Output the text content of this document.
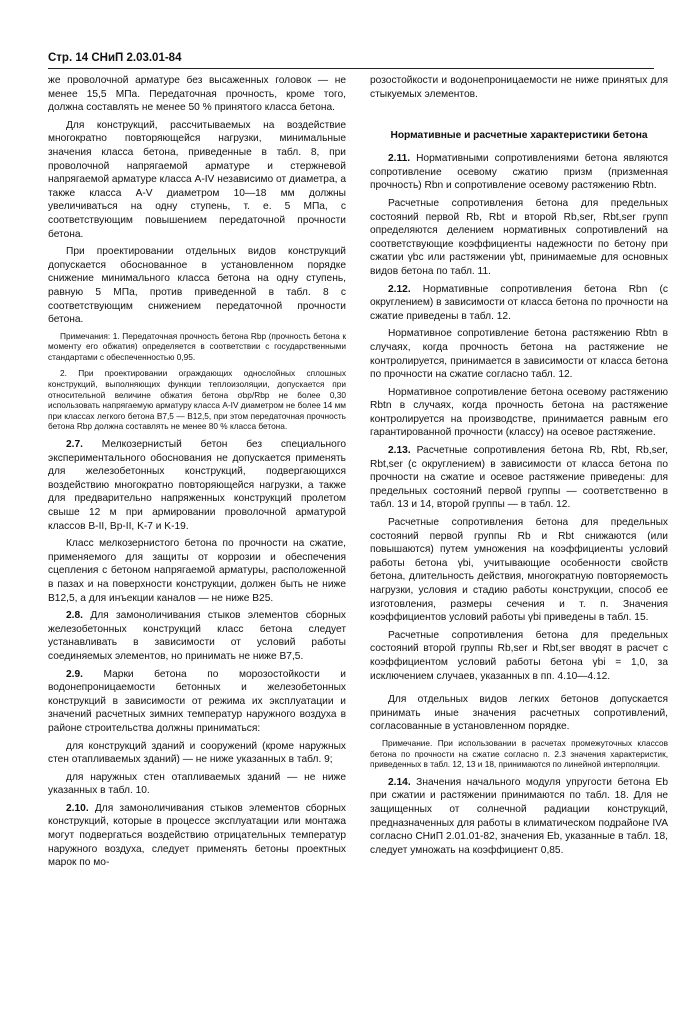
Стр. 14 СНиП 2.03.01-84

же проволочной арматуре без высаженных головок — не менее 15,5 МПа. Передаточная прочность, кроме того, должна составлять не менее 50 % принятого класса бетона.

Для конструкций, рассчитываемых на воздействие многократно повторяющейся нагрузки, минимальные значения класса бетона, приведенные в табл. 8, при проволочной напрягаемой арматуре и стержневой напрягаемой арматуре класса A-IV независимо от диаметра, а также класса A-V диаметром 10—18 мм должны увеличиваться на одну ступень, т. е. 5 МПа, с соответствующим повышением передаточной прочности бетона.

При проектировании отдельных видов конструкций допускается обоснованное в установленном порядке снижение минимального класса бетона на одну ступень, равную 5 МПа, против приведенной в табл. 8 с соответствующим снижением передаточной прочности бетона.

Примечания: 1. Передаточная прочность бетона Rbp (прочность бетона к моменту его обжатия) определяется в соответствии с государственными стандартами с обеспеченностью 0,95.

2. При проектировании ограждающих однослойных сплошных конструкций, выполняющих функции теплоизоляции, допускается при относительной величине обжатия бетона σbp/Rbp не более 0,30 использовать напрягаемую арматуру класса A-IV диаметром не более 14 мм при классах легкого бетона B7,5 — B12,5, при этом передаточная прочность бетона Rbp должна составлять не менее 80 % класса бетона.

2.7. Мелкозернистый бетон без специального экспериментального обоснования не допускается применять для железобетонных конструкций, подвергающихся воздействию многократно повторяющейся нагрузки, а также для предварительно напряженных конструкций пролетом свыше 12 м при армировании проволочной арматурой классов B-II, Bp-II, K-7 и K-19.

Класс мелкозернистого бетона по прочности на сжатие, применяемого для защиты от коррозии и обеспечения сцепления с бетоном напрягаемой арматуры, расположенной в пазах и на поверхности конструкции, должен быть не ниже B12,5, а для инъекции каналов — не ниже B25.

2.8. Для замоноличивания стыков элементов сборных железобетонных конструкций класс бетона следует устанавливать в зависимости от условий работы соединяемых элементов, но принимать не ниже B7,5.

2.9. Марки бетона по морозостойкости и водонепроницаемости бетонных и железобетонных конструкций в зависимости от режима их эксплуатации и значений расчетных зимних температур наружного воздуха в районе строительства должны приниматься:

для конструкций зданий и сооружений (кроме наружных стен отапливаемых зданий) — не ниже указанных в табл. 9;

для наружных стен отапливаемых зданий — не ниже указанных в табл. 10.

2.10. Для замоноличивания стыков элементов сборных конструкций, которые в процессе эксплуатации или монтажа могут подвергаться воздействию отрицательных температур наружного воздуха, следует применять бетоны проектных марок по мо-

розостойкости и водонепроницаемости не ниже принятых для стыкуемых элементов.

Нормативные и расчетные характеристики бетона

2.11. Нормативными сопротивлениями бетона являются сопротивление осевому сжатию призм (призменная прочность) Rbn и сопротивление осевому растяжению Rbtn.

Расчетные сопротивления бетона для предельных состояний первой Rb, Rbt и второй Rb,ser, Rbt,ser групп определяются делением нормативных сопротивлений на соответствующие коэффициенты надежности по бетону при сжатии γbc или растяжении γbt, принимаемые для основных видов бетона по табл. 11.

2.12. Нормативные сопротивления бетона Rbn (с округлением) в зависимости от класса бетона по прочности на сжатие приведены в табл. 12.

Нормативное сопротивление бетона растяжению Rbtn в случаях, когда прочность бетона на растяжение не контролируется, принимается в зависимости от класса бетона по прочности на сжатие согласно табл. 12.

Нормативное сопротивление бетона осевому растяжению Rbtn в случаях, когда прочность бетона на растяжение контролируется на производстве, принимается равным его гарантированной прочности (классу) на осевое растяжение.

2.13. Расчетные сопротивления бетона Rb, Rbt, Rb,ser, Rbt,ser (с округлением) в зависимости от класса бетона по прочности на сжатие и осевое растяжение приведены: для предельных состояний первой группы — соответственно в табл. 13 и 14, второй группы — в табл. 12.

Расчетные сопротивления бетона для предельных состояний первой группы Rb и Rbt снижаются (или повышаются) путем умножения на коэффициенты условий работы бетона γbi, учитывающие особенности свойств бетона, длительность действия, многократную повторяемость нагрузки, условия и стадию работы конструкции, способ ее изготовления, размеры сечения и т. п. Значения коэффициентов условий работы γbi приведены в табл. 15.

Расчетные сопротивления бетона для предельных состояний второй группы Rb,ser и Rbt,ser вводят в расчет с коэффициентом условий работы бетона γbi = 1,0, за исключением случаев, указанных в пп. 4.10—4.12.

Для отдельных видов легких бетонов допускается принимать иные значения расчетных сопротивлений, согласованные в установленном порядке.

Примечание. При использовании в расчетах промежуточных классов бетона по прочности на сжатие согласно п. 2.3 значения характеристик, приведенных в табл. 12, 13 и 18, принимаются по линейной интерполяции.

2.14. Значения начального модуля упругости бетона Eb при сжатии и растяжении принимаются по табл. 18. Для не защищенных от солнечной радиации конструкций, предназначенных для работы в климатическом подрайоне IVA согласно СНиП 2.01.01-82, значения Eb, указанные в табл. 18, следует умножать на коэффициент 0,85.
